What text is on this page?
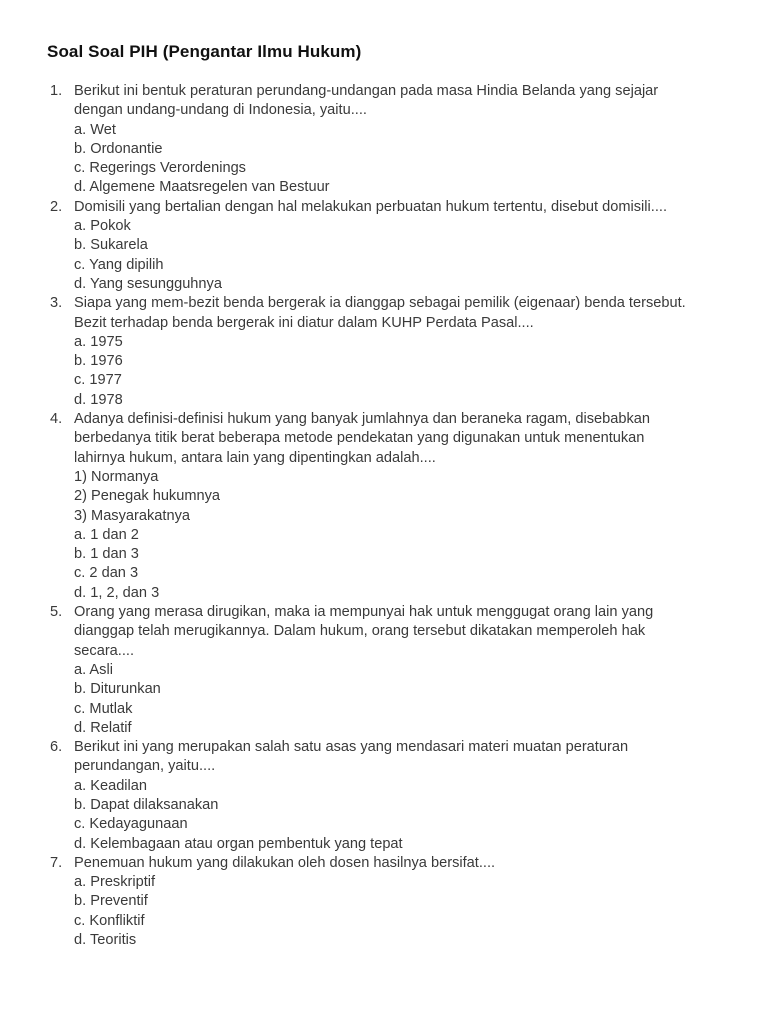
Soal Soal PIH (Pengantar Ilmu Hukum)
1. Berikut ini bentuk peraturan perundang-undangan pada masa Hindia Belanda yang sejajar
dengan undang-undang di Indonesia, yaitu....
a. Wet
b. Ordonantie
c. Regerings Verordenings
d. Algemene Maatsregelen van Bestuur
2. Domisili yang bertalian dengan hal melakukan perbuatan hukum tertentu, disebut domisili....
a. Pokok
b. Sukarela
c. Yang dipilih
d. Yang sesungguhnya
3. Siapa yang mem-bezit benda bergerak ia dianggap sebagai pemilik (eigenaar) benda tersebut.
Bezit terhadap benda bergerak ini diatur dalam KUHP Perdata Pasal....
a. 1975
b. 1976
c. 1977
d. 1978
4. Adanya definisi-definisi hukum yang banyak jumlahnya dan beraneka ragam, disebabkan
berbedanya titik berat beberapa metode pendekatan yang digunakan untuk menentukan
lahirnya hukum, antara lain yang dipentingkan adalah....
1) Normanya
2) Penegak hukumnya
3) Masyarakatnya
a. 1 dan 2
b. 1 dan 3
c. 2 dan 3
d. 1, 2, dan 3
5. Orang yang merasa dirugikan, maka ia mempunyai hak untuk menggugat orang lain yang
dianggap telah merugikannya. Dalam hukum, orang tersebut dikatakan memperoleh hak
secara....
a. Asli
b. Diturunkan
c. Mutlak
d. Relatif
6. Berikut ini yang merupakan salah satu asas yang mendasari materi muatan peraturan
perundangan, yaitu....
a. Keadilan
b. Dapat dilaksanakan
c. Kedayagunaan
d. Kelembagaan atau organ pembentuk yang tepat
7. Penemuan hukum yang dilakukan oleh dosen hasilnya bersifat....
a. Preskriptif
b. Preventif
c. Konfliktif
d. Teoritis
